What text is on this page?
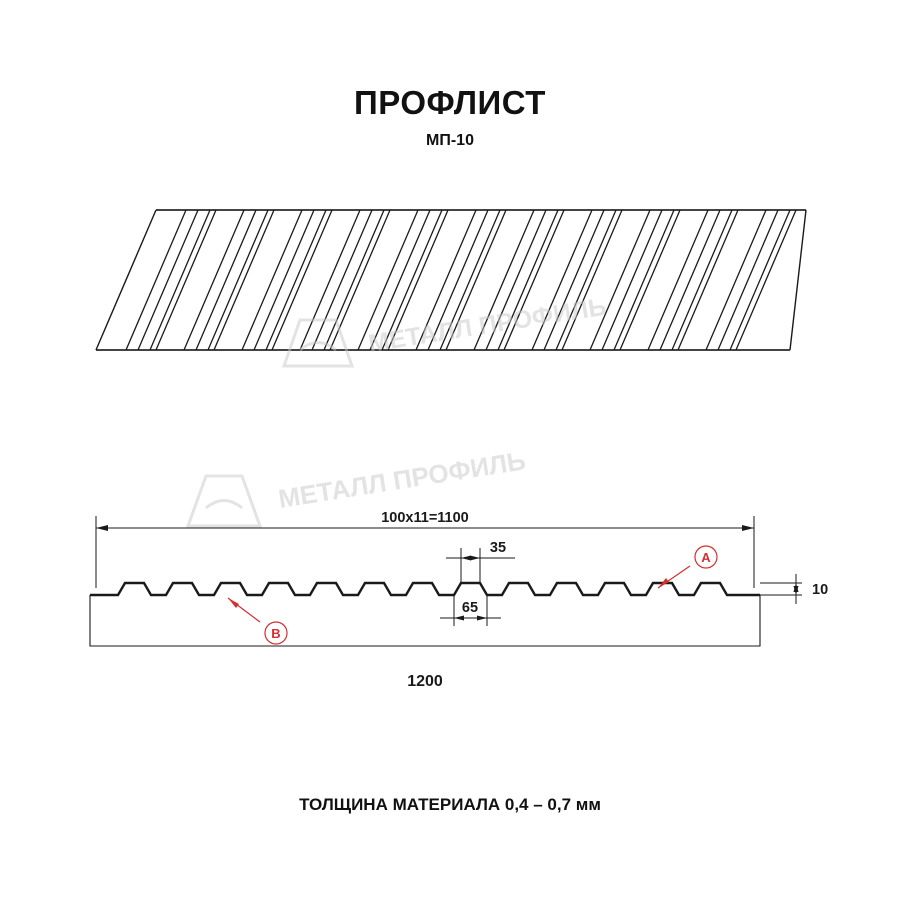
ПРОФЛИСТ
МП-10
МЕТАЛЛ ПРОФИЛЬ
100x11=1100
35
65
10
1200
A
B
МЕТАЛЛ ПРОФИЛЬ
ТОЛЩИНА МАТЕРИАЛА 0,4 – 0,7 мм
